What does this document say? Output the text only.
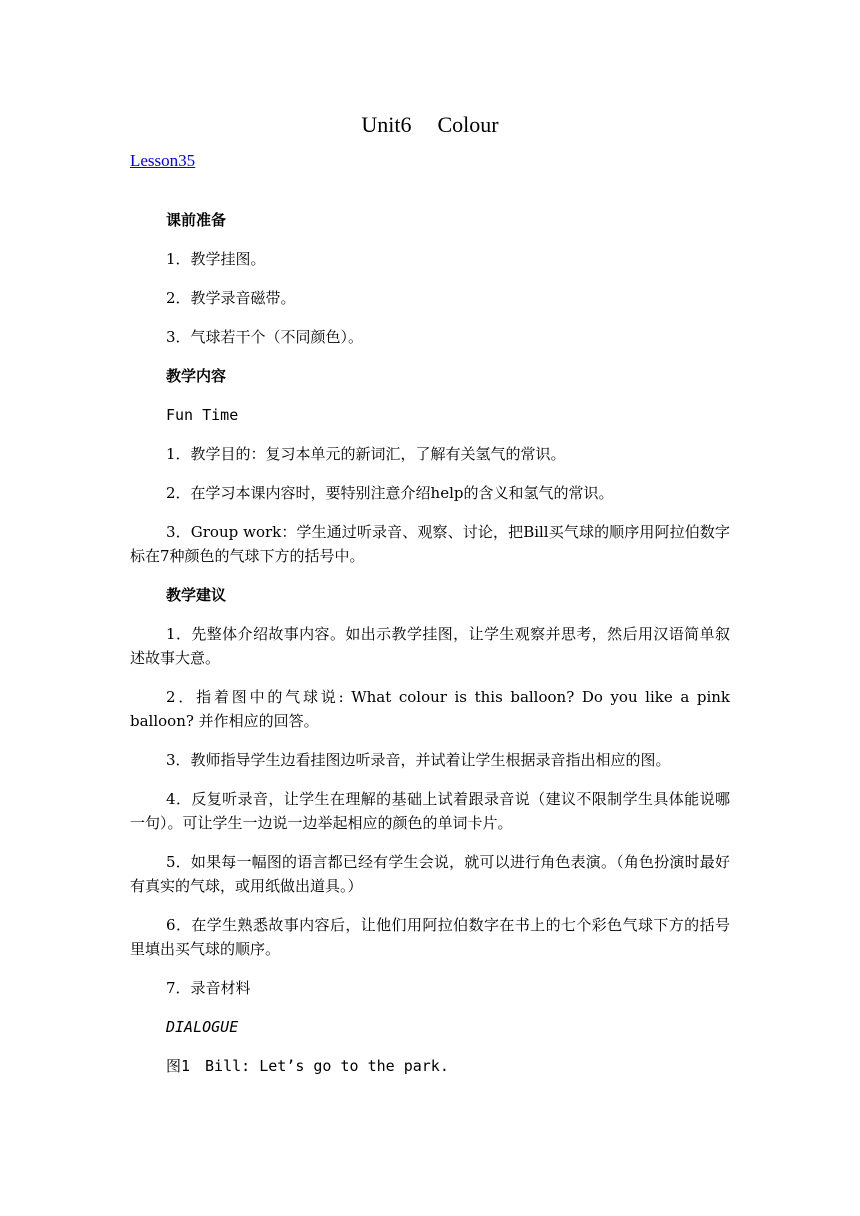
Unit6 Colour
Lesson35

课前准备

1．教学挂图。

2．教学录音磁带。

3．气球若干个（不同颜色）。

教学内容

Fun Time

1．教学目的：复习本单元的新词汇，了解有关氢气的常识。

2．在学习本课内容时，要特别注意介绍help的含义和氢气的常识。

3．Group work：学生通过听录音、观察、讨论，把Bill买气球的顺序用阿拉伯数字标在7种颜色的气球下方的括号中。

教学建议

1．先整体介绍故事内容。如出示教学挂图，让学生观察并思考，然后用汉语简单叙述故事大意。

2．指着图中的气球说: What colour is this balloon? Do you like a pink balloon? 并作相应的回答。

3．教师指导学生边看挂图边听录音，并试着让学生根据录音指出相应的图。

4．反复听录音，让学生在理解的基础上试着跟录音说（建议不限制学生具体能说哪一句）。可让学生一边说一边举起相应的颜色的单词卡片。

5．如果每一幅图的语言都已经有学生会说，就可以进行角色表演。（角色扮演时最好有真实的气球，或用纸做出道具。）

6．在学生熟悉故事内容后，让他们用阿拉伯数字在书上的七个彩色气球下方的括号里填出买气球的顺序。

7．录音材料

DIALOGUE

图1　Bill: Let’s go to the park.
